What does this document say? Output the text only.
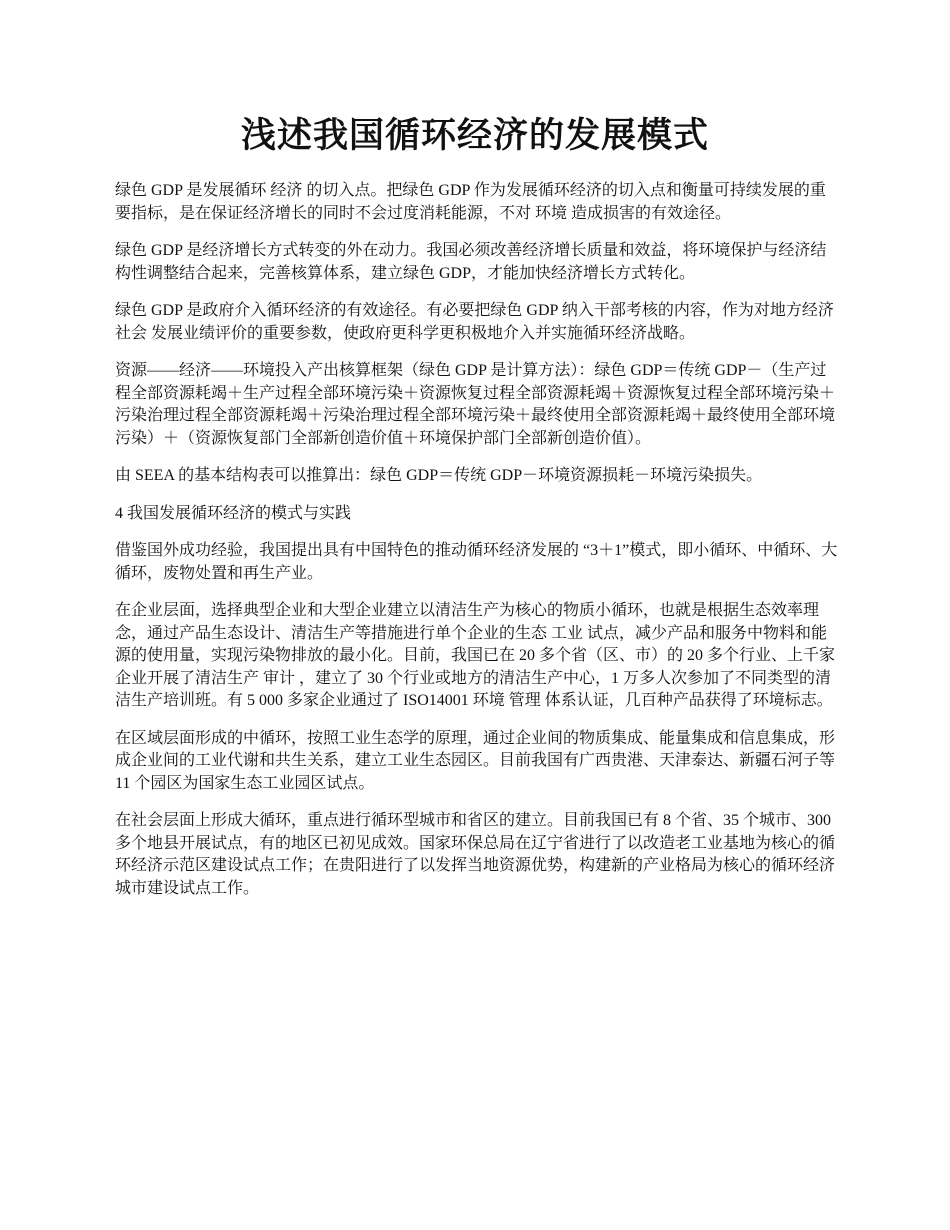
浅述我国循环经济的发展模式

绿色 GDP 是发展循环 经济 的切入点。把绿色 GDP 作为发展循环经济的切入点和衡量可持续发展的重要指标，是在保证经济增长的同时不会过度消耗能源，不对 环境 造成损害的有效途径。

绿色 GDP 是经济增长方式转变的外在动力。我国必须改善经济增长质量和效益，将环境保护与经济结构性调整结合起来，完善核算体系，建立绿色 GDP，才能加快经济增长方式转化。

绿色 GDP 是政府介入循环经济的有效途径。有必要把绿色 GDP 纳入干部考核的内容，作为对地方经济 社会 发展业绩评价的重要参数，使政府更科学更积极地介入并实施循环经济战略。

资源——经济——环境投入产出核算框架（绿色 GDP 是计算方法）：绿色 GDP＝传统 GDP－（生产过程全部资源耗竭＋生产过程全部环境污染＋资源恢复过程全部资源耗竭＋资源恢复过程全部环境污染＋污染治理过程全部资源耗竭＋污染治理过程全部环境污染＋最终使用全部资源耗竭＋最终使用全部环境污染）＋（资源恢复部门全部新创造价值＋环境保护部门全部新创造价值）。

由 SEEA 的基本结构表可以推算出：绿色 GDP＝传统 GDP－环境资源损耗－环境污染损失。

4 我国发展循环经济的模式与实践

借鉴国外成功经验，我国提出具有中国特色的推动循环经济发展的 “3＋1”模式，即小循环、中循环、大循环，废物处置和再生产业。

在企业层面，选择典型企业和大型企业建立以清洁生产为核心的物质小循环，也就是根据生态效率理念，通过产品生态设计、清洁生产等措施进行单个企业的生态 工业 试点，减少产品和服务中物料和能源的使用量，实现污染物排放的最小化。目前，我国已在 20 多个省（区、市）的 20 多个行业、上千家企业开展了清洁生产 审计 ，建立了 30 个行业或地方的清洁生产中心，1 万多人次参加了不同类型的清洁生产培训班。有 5 000 多家企业通过了 ISO14001 环境 管理 体系认证，几百种产品获得了环境标志。

在区域层面形成的中循环，按照工业生态学的原理，通过企业间的物质集成、能量集成和信息集成，形成企业间的工业代谢和共生关系，建立工业生态园区。目前我国有广西贵港、天津泰达、新疆石河子等 11 个园区为国家生态工业园区试点。

在社会层面上形成大循环，重点进行循环型城市和省区的建立。目前我国已有 8 个省、35 个城市、300 多个地县开展试点，有的地区已初见成效。国家环保总局在辽宁省进行了以改造老工业基地为核心的循环经济示范区建设试点工作；在贵阳进行了以发挥当地资源优势，构建新的产业格局为核心的循环经济城市建设试点工作。
